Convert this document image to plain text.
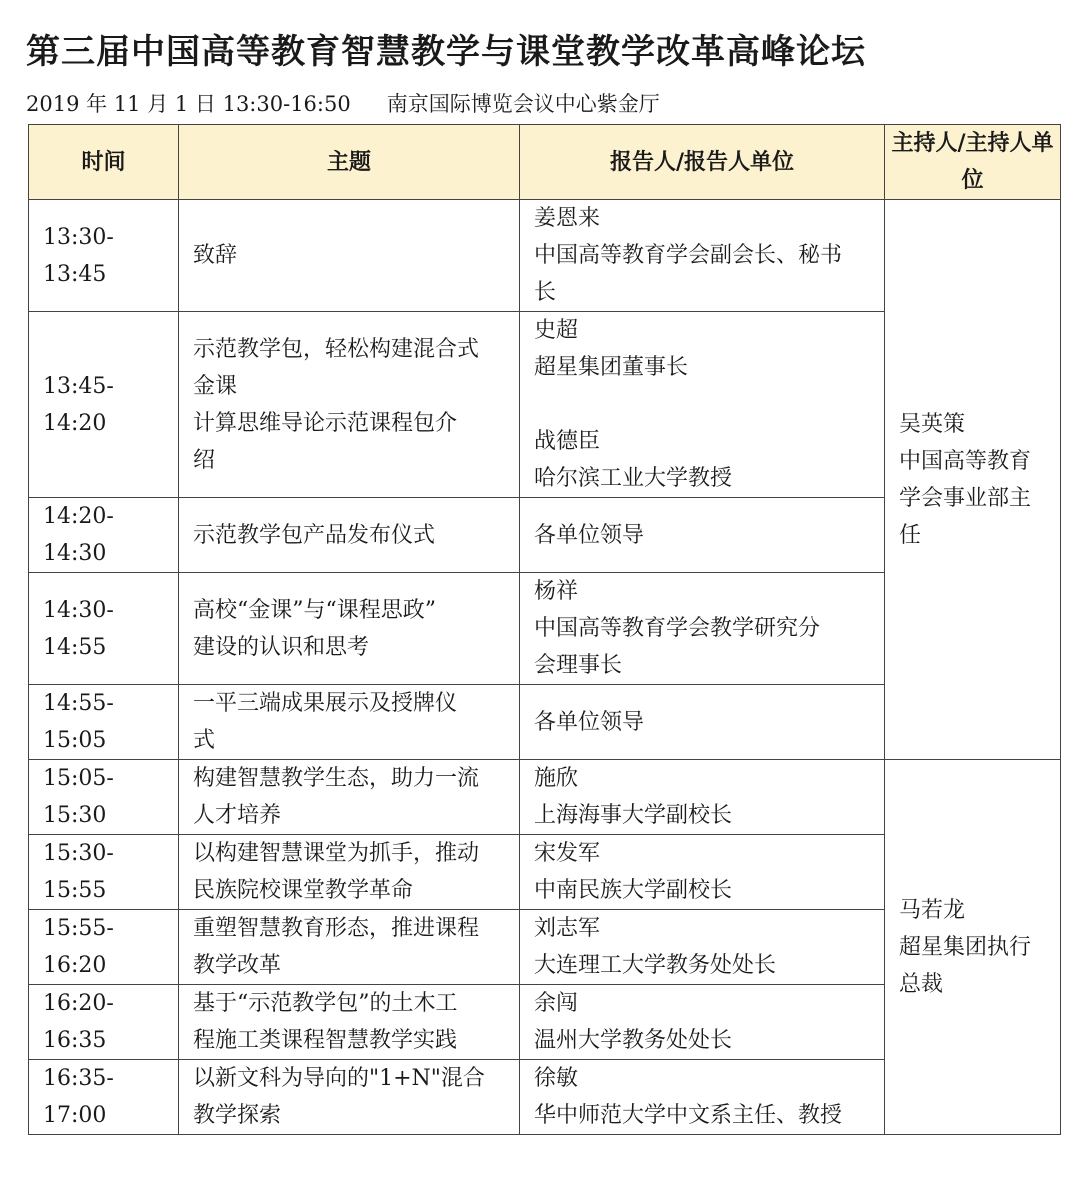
第三届中国高等教育智慧教学与课堂教学改革高峰论坛
2019 年 11 月 1 日 13:30-16:50 南京国际博览会议中心紫金厅
时间	主题	报告人/报告人单位	主持人/主持人单位

13:30-
13:45	致辞	姜恩来
中国高等教育学会副会长、秘书
长	吴英策
中国高等教育
学会事业部主
任

13:45-
14:20	示范教学包，轻松构建混合式
金课
计算思维导论示范课程包介
绍	史超
超星集团董事长
战德臣
哈尔滨工业大学教授	

14:20-
14:30	示范教学包产品发布仪式	各单位领导	

14:30-
14:55	高校“金课”与“课程思政”
建设的认识和思考	杨祥
中国高等教育学会教学研究分
会理事长	

14:55-
15:05	一平三端成果展示及授牌仪
式	各单位领导	

15:05-
15:30	构建智慧教学生态，助力一流
人才培养	施欣
上海海事大学副校长	马若龙
超星集团执行
总裁

15:30-
15:55	以构建智慧课堂为抓手，推动
民族院校课堂教学革命	宋发军
中南民族大学副校长	

15:55-
16:20	重塑智慧教育形态，推进课程
教学改革	刘志军
大连理工大学教务处处长	

16:20-
16:35	基于“示范教学包”的土木工
程施工类课程智慧教学实践	余闯
温州大学教务处处长	

16:35-
17:00	以新文科为导向的"1+N"混合
教学探索	徐敏
华中师范大学中文系主任、教授	
